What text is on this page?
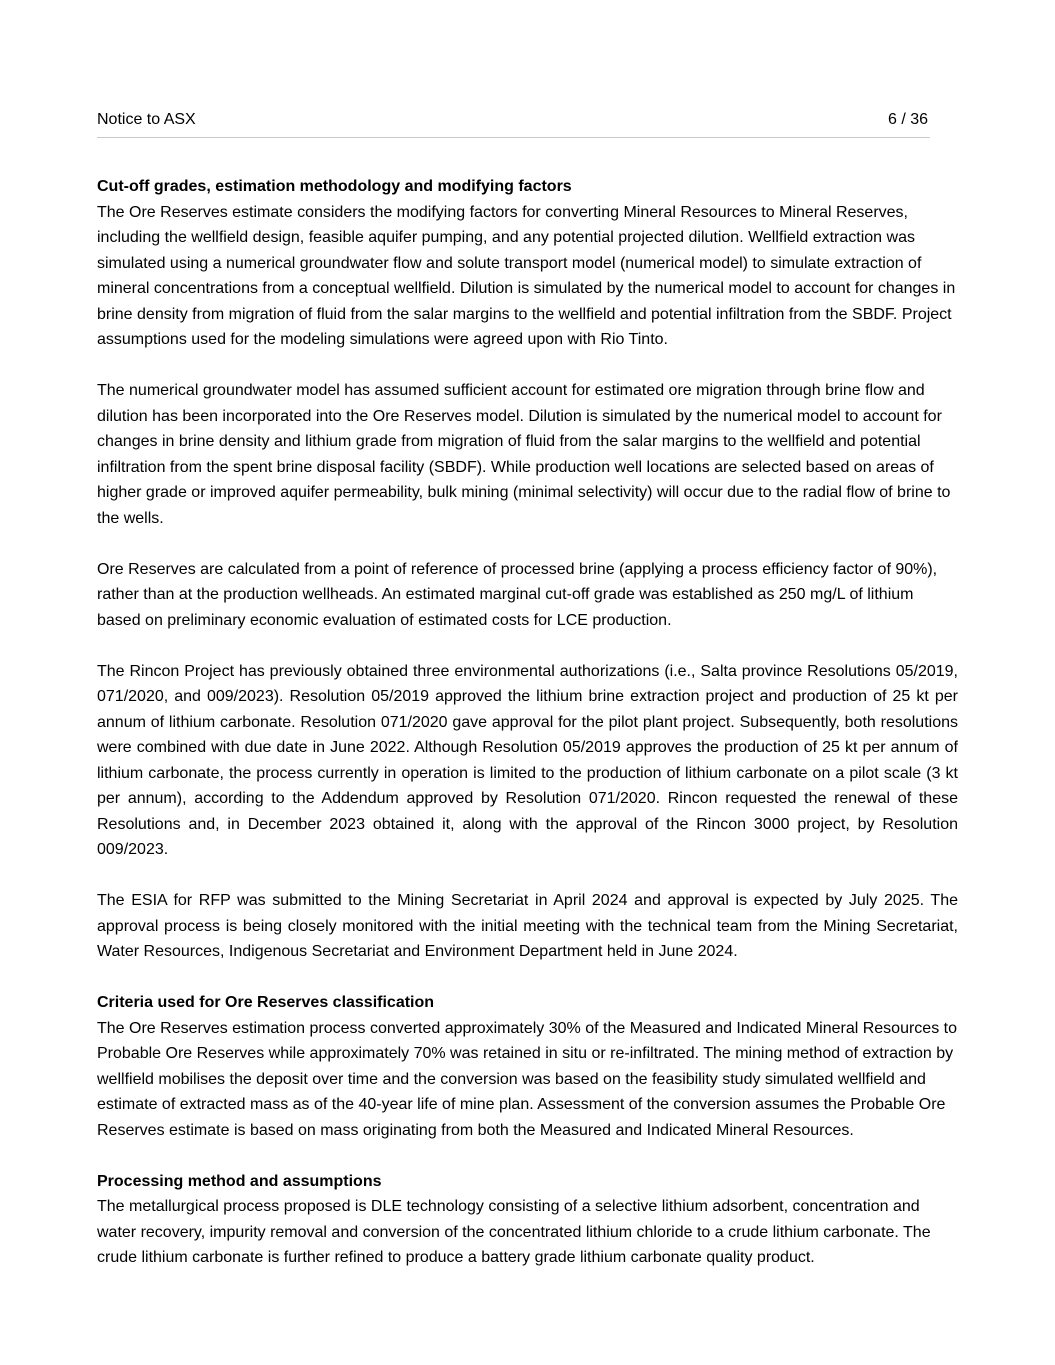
Notice to ASX	6 / 36
Cut-off grades, estimation methodology and modifying factors

The Ore Reserves estimate considers the modifying factors for converting Mineral Resources to Mineral Reserves, including the wellfield design, feasible aquifer pumping, and any potential projected dilution. Wellfield extraction was simulated using a numerical groundwater flow and solute transport model (numerical model) to simulate extraction of mineral concentrations from a conceptual wellfield. Dilution is simulated by the numerical model to account for changes in brine density from migration of fluid from the salar margins to the wellfield and potential infiltration from the SBDF. Project assumptions used for the modeling simulations were agreed upon with Rio Tinto.

The numerical groundwater model has assumed sufficient account for estimated ore migration through brine flow and dilution has been incorporated into the Ore Reserves model. Dilution is simulated by the numerical model to account for changes in brine density and lithium grade from migration of fluid from the salar margins to the wellfield and potential infiltration from the spent brine disposal facility (SBDF). While production well locations are selected based on areas of higher grade or improved aquifer permeability, bulk mining (minimal selectivity) will occur due to the radial flow of brine to the wells.

Ore Reserves are calculated from a point of reference of processed brine (applying a process efficiency factor of 90%), rather than at the production wellheads. An estimated marginal cut-off grade was established as 250 mg/L of lithium based on preliminary economic evaluation of estimated costs for LCE production.

The Rincon Project has previously obtained three environmental authorizations (i.e., Salta province Resolutions 05/2019, 071/2020, and 009/2023). Resolution 05/2019 approved the lithium brine extraction project and production of 25 kt per annum of lithium carbonate. Resolution 071/2020 gave approval for the pilot plant project. Subsequently, both resolutions were combined with due date in June 2022. Although Resolution 05/2019 approves the production of 25 kt per annum of lithium carbonate, the process currently in operation is limited to the production of lithium carbonate on a pilot scale (3 kt per annum), according to the Addendum approved by Resolution 071/2020. Rincon requested the renewal of these Resolutions and, in December 2023 obtained it, along with the approval of the Rincon 3000 project, by Resolution 009/2023.

The ESIA for RFP was submitted to the Mining Secretariat in April 2024 and approval is expected by July 2025. The approval process is being closely monitored with the initial meeting with the technical team from the Mining Secretariat, Water Resources, Indigenous Secretariat and Environment Department held in June 2024.

Criteria used for Ore Reserves classification

The Ore Reserves estimation process converted approximately 30% of the Measured and Indicated Mineral Resources to Probable Ore Reserves while approximately 70% was retained in situ or re-infiltrated. The mining method of extraction by wellfield mobilises the deposit over time and the conversion was based on the feasibility study simulated wellfield and estimate of extracted mass as of the 40-year life of mine plan. Assessment of the conversion assumes the Probable Ore Reserves estimate is based on mass originating from both the Measured and Indicated Mineral Resources.

Processing method and assumptions

The metallurgical process proposed is DLE technology consisting of a selective lithium adsorbent, concentration and water recovery, impurity removal and conversion of the concentrated lithium chloride to a crude lithium carbonate. The crude lithium carbonate is further refined to produce a battery grade lithium carbonate quality product.
